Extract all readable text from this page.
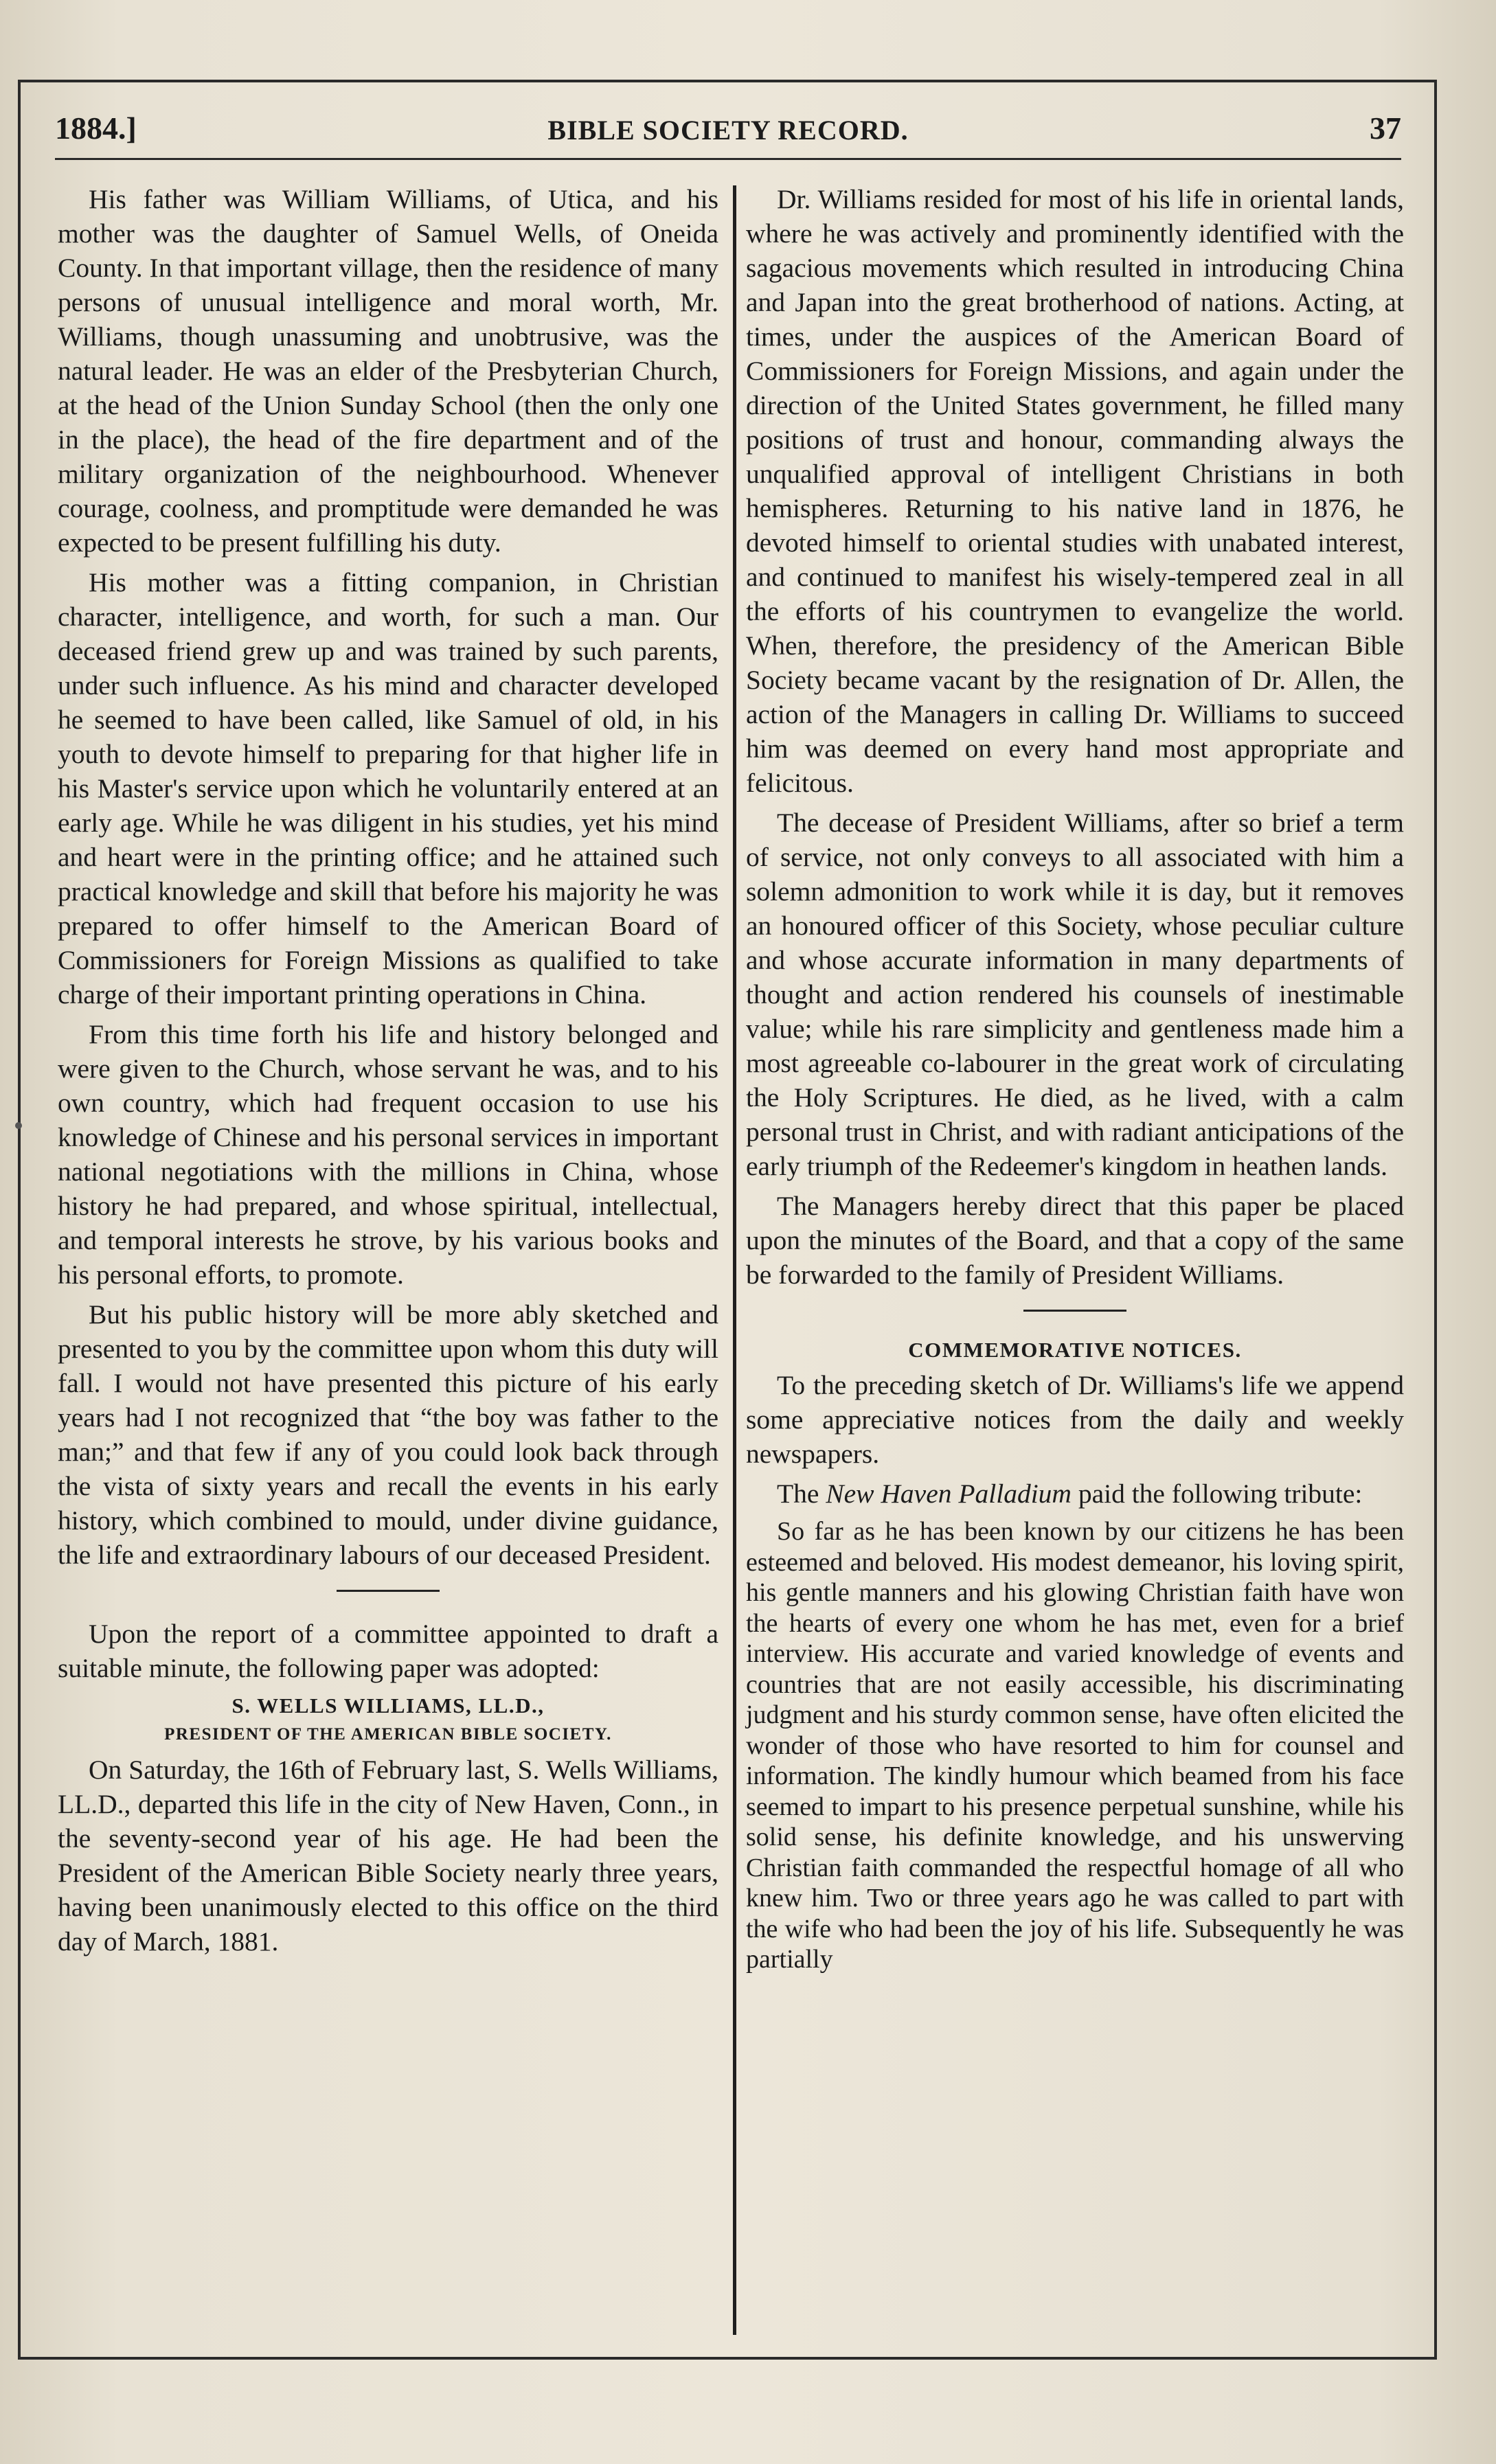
1884.]	BIBLE SOCIETY RECORD.	37

His father was William Williams, of Utica, and his mother was the daughter of Samuel Wells, of Oneida County. In that important village, then the residence of many persons of unusual intelligence and moral worth, Mr. Williams, though unassuming and unobtrusive, was the natural leader. He was an elder of the Presbyterian Church, at the head of the Union Sunday School (then the only one in the place), the head of the fire department and of the military organization of the neighbourhood. Whenever courage, coolness, and promptitude were demanded he was expected to be present fulfilling his duty.

His mother was a fitting companion, in Christian character, intelligence, and worth, for such a man. Our deceased friend grew up and was trained by such parents, under such influence. As his mind and character developed he seemed to have been called, like Samuel of old, in his youth to devote himself to preparing for that higher life in his Master's service upon which he voluntarily entered at an early age. While he was diligent in his studies, yet his mind and heart were in the printing office; and he attained such practical knowledge and skill that before his majority he was prepared to offer himself to the American Board of Commissioners for Foreign Missions as qualified to take charge of their important printing operations in China.

From this time forth his life and history belonged and were given to the Church, whose servant he was, and to his own country, which had frequent occasion to use his knowledge of Chinese and his personal services in important national negotiations with the millions in China, whose history he had prepared, and whose spiritual, intellectual, and temporal interests he strove, by his various books and his personal efforts, to promote.

But his public history will be more ably sketched and presented to you by the committee upon whom this duty will fall. I would not have presented this picture of his early years had I not recognized that “the boy was father to the man;” and that few if any of you could look back through the vista of sixty years and recall the events in his early history, which combined to mould, under divine guidance, the life and extraordinary labours of our deceased President.

Upon the report of a committee appointed to draft a suitable minute, the following paper was adopted:

S. WELLS WILLIAMS, LL.D.,
PRESIDENT OF THE AMERICAN BIBLE SOCIETY.

On Saturday, the 16th of February last, S. Wells Williams, LL.D., departed this life in the city of New Haven, Conn., in the seventy-second year of his age. He had been the President of the American Bible Society nearly three years, having been unanimously elected to this office on the third day of March, 1881.

Dr. Williams resided for most of his life in oriental lands, where he was actively and prominently identified with the sagacious movements which resulted in introducing China and Japan into the great brotherhood of nations. Acting, at times, under the auspices of the American Board of Commissioners for Foreign Missions, and again under the direction of the United States government, he filled many positions of trust and honour, commanding always the unqualified approval of intelligent Christians in both hemispheres. Returning to his native land in 1876, he devoted himself to oriental studies with unabated interest, and continued to manifest his wisely-tempered zeal in all the efforts of his countrymen to evangelize the world. When, therefore, the presidency of the American Bible Society became vacant by the resignation of Dr. Allen, the action of the Managers in calling Dr. Williams to succeed him was deemed on every hand most appropriate and felicitous.

The decease of President Williams, after so brief a term of service, not only conveys to all associated with him a solemn admonition to work while it is day, but it removes an honoured officer of this Society, whose peculiar culture and whose accurate information in many departments of thought and action rendered his counsels of inestimable value; while his rare simplicity and gentleness made him a most agreeable co-labourer in the great work of circulating the Holy Scriptures. He died, as he lived, with a calm personal trust in Christ, and with radiant anticipations of the early triumph of the Redeemer's kingdom in heathen lands.

The Managers hereby direct that this paper be placed upon the minutes of the Board, and that a copy of the same be forwarded to the family of President Williams.

COMMEMORATIVE NOTICES.

To the preceding sketch of Dr. Williams's life we append some appreciative notices from the daily and weekly newspapers.

The New Haven Palladium paid the following tribute:

So far as he has been known by our citizens he has been esteemed and beloved. His modest demeanor, his loving spirit, his gentle manners and his glowing Christian faith have won the hearts of every one whom he has met, even for a brief interview. His accurate and varied knowledge of events and countries that are not easily accessible, his discriminating judgment and his sturdy common sense, have often elicited the wonder of those who have resorted to him for counsel and information. The kindly humour which beamed from his face seemed to impart to his presence perpetual sunshine, while his solid sense, his definite knowledge, and his unswerving Christian faith commanded the respectful homage of all who knew him. Two or three years ago he was called to part with the wife who had been the joy of his life. Subsequently he was partially
